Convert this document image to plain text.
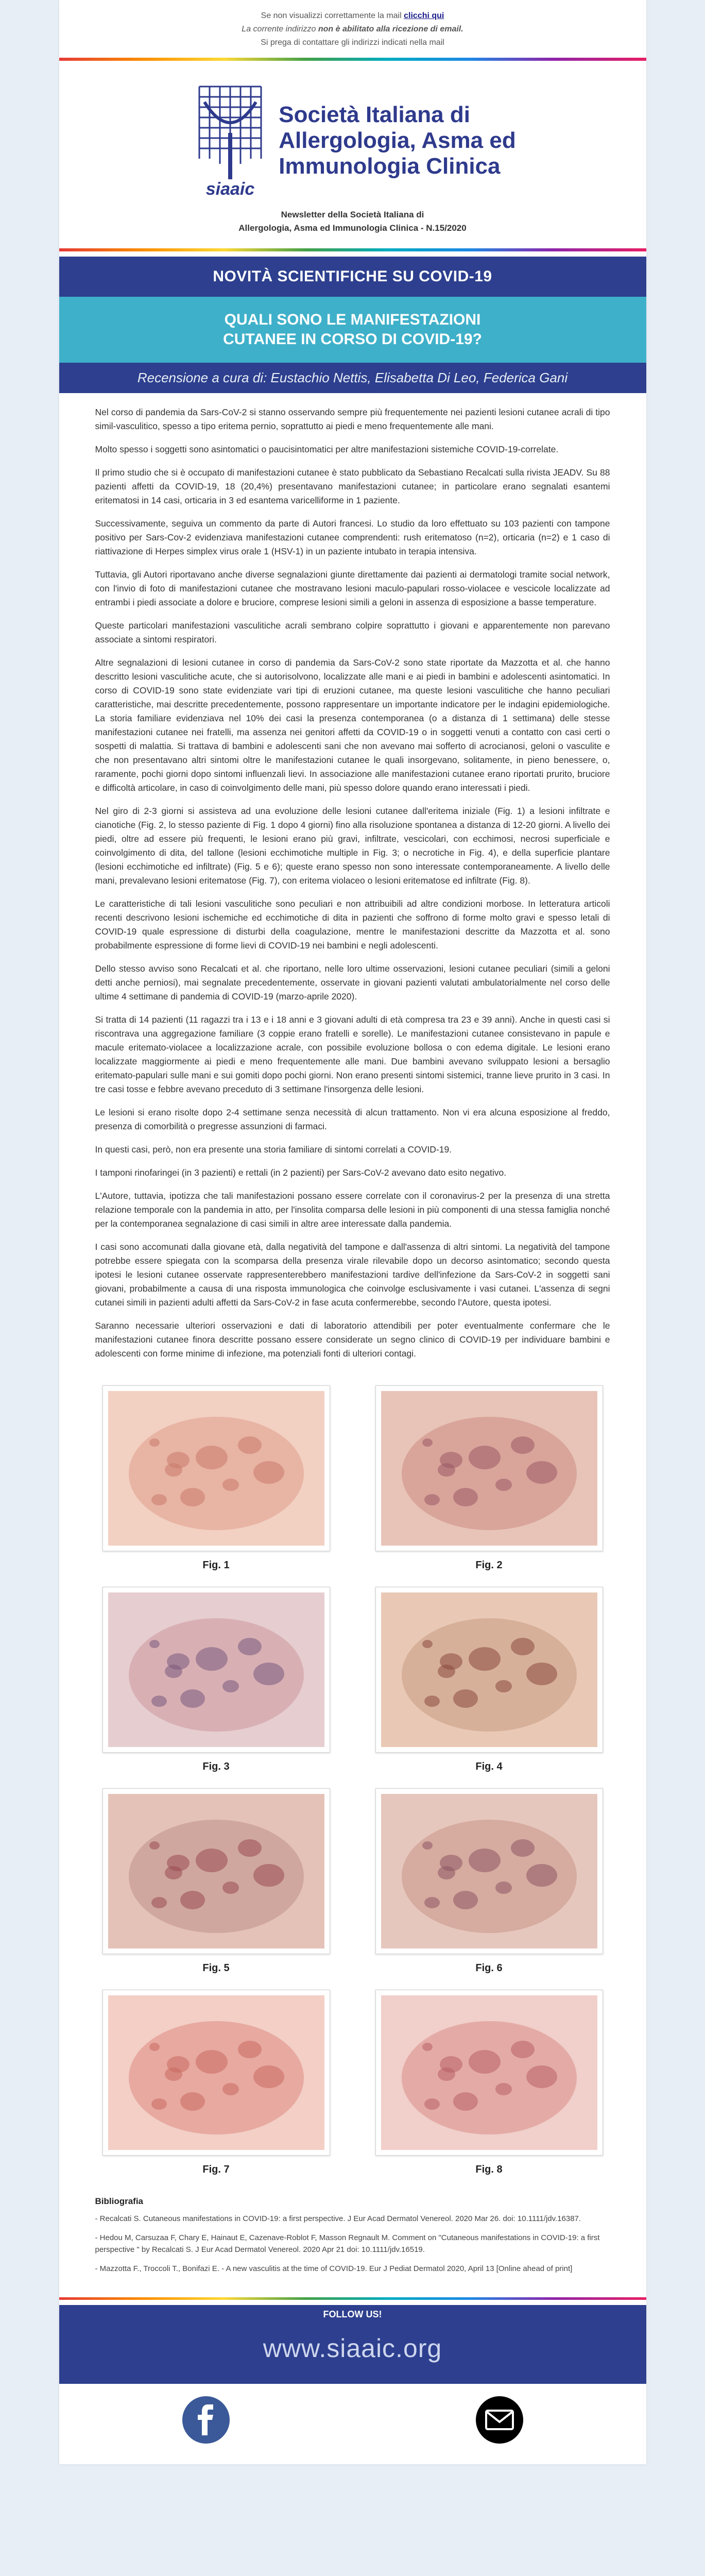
Se non visualizzi correttamente la mail clicchi qui
La corrente indirizzo non è abilitato alla ricezione di email.
Si prega di contattare gli indirizzi indicati nella mail
siaaic
Società Italiana di
Allergologia, Asma ed
Immunologia Clinica
Newsletter della Società Italiana di
Allergologia, Asma ed Immunologia Clinica - N.15/2020
NOVITÀ SCIENTIFICHE SU COVID-19
QUALI SONO LE MANIFESTAZIONI
CUTANEE IN CORSO DI COVID-19?
Recensione a cura di: Eustachio Nettis, Elisabetta Di Leo, Federica Gani

Nel corso di pandemia da Sars-CoV-2 si stanno osservando sempre più frequentemente nei pazienti lesioni cutanee acrali di tipo simil-vasculitico, spesso a tipo eritema pernio, soprattutto ai piedi e meno frequentemente alle mani.

Molto spesso i soggetti sono asintomatici o paucisintomatici per altre manifestazioni sistemiche COVID-19-correlate.

Il primo studio che si è occupato di manifestazioni cutanee è stato pubblicato da Sebastiano Recalcati sulla rivista JEADV. Su 88 pazienti affetti da COVID-19, 18 (20,4%) presentavano manifestazioni cutanee; in particolare erano segnalati esantemi eritematosi in 14 casi, orticaria in 3 ed esantema varicelliforme in 1 paziente.

Successivamente, seguiva un commento da parte di Autori francesi. Lo studio da loro effettuato su 103 pazienti con tampone positivo per Sars-Cov-2 evidenziava manifestazioni cutanee comprendenti: rush eritematoso (n=2), orticaria (n=2) e 1 caso di riattivazione di Herpes simplex virus orale 1 (HSV-1) in un paziente intubato in terapia intensiva.

Tuttavia, gli Autori riportavano anche diverse segnalazioni giunte direttamente dai pazienti ai dermatologi tramite social network, con l'invio di foto di manifestazioni cutanee che mostravano lesioni maculo-papulari rosso-violacee e vescicole localizzate ad entrambi i piedi associate a dolore e bruciore, comprese lesioni simili a geloni in assenza di esposizione a basse temperature.

Queste particolari manifestazioni vasculitiche acrali sembrano colpire soprattutto i giovani e apparentemente non parevano associate a sintomi respiratori.

Altre segnalazioni di lesioni cutanee in corso di pandemia da Sars-CoV-2 sono state riportate da Mazzotta et al. che hanno descritto lesioni vasculitiche acute, che si autorisolvono, localizzate alle mani e ai piedi in bambini e adolescenti asintomatici. In corso di COVID-19 sono state evidenziate vari tipi di eruzioni cutanee, ma queste lesioni vasculitiche che hanno peculiari caratteristiche, mai descritte precedentemente, possono rappresentare un importante indicatore per le indagini epidemiologiche. La storia familiare evidenziava nel 10% dei casi la presenza contemporanea (o a distanza di 1 settimana) delle stesse manifestazioni cutanee nei fratelli, ma assenza nei genitori affetti da COVID-19 o in soggetti venuti a contatto con casi certi o sospetti di malattia. Si trattava di bambini e adolescenti sani che non avevano mai sofferto di acrocianosi, geloni o vasculite e che non presentavano altri sintomi oltre le manifestazioni cutanee le quali insorgevano, solitamente, in pieno benessere, o, raramente, pochi giorni dopo sintomi influenzali lievi. In associazione alle manifestazioni cutanee erano riportati prurito, bruciore e difficoltà articolare, in caso di coinvolgimento delle mani, più spesso dolore quando erano interessati i piedi.

Nel giro di 2-3 giorni si assisteva ad una evoluzione delle lesioni cutanee dall'eritema iniziale (Fig. 1) a lesioni infiltrate e cianotiche (Fig. 2, lo stesso paziente di Fig. 1 dopo 4 giorni) fino alla risoluzione spontanea a distanza di 12-20 giorni. A livello dei piedi, oltre ad essere più frequenti, le lesioni erano più gravi, infiltrate, vescicolari, con ecchimosi, necrosi superficiale e coinvolgimento di dita, del tallone (lesioni ecchimotiche multiple in Fig. 3; o necrotiche in Fig. 4), e della superficie plantare (lesioni ecchimotiche ed infiltrate) (Fig. 5 e 6); queste erano spesso non sono interessate contemporaneamente. A livello delle mani, prevalevano lesioni eritematose (Fig. 7), con eritema violaceo o lesioni eritematose ed infiltrate (Fig. 8).

Le caratteristiche di tali lesioni vasculitiche sono peculiari e non attribuibili ad altre condizioni morbose. In letteratura articoli recenti descrivono lesioni ischemiche ed ecchimotiche di dita in pazienti che soffrono di forme molto gravi e spesso letali di COVID-19 quale espressione di disturbi della coagulazione, mentre le manifestazioni descritte da Mazzotta et al. sono probabilmente espressione di forme lievi di COVID-19 nei bambini e negli adolescenti.

Dello stesso avviso sono Recalcati et al. che riportano, nelle loro ultime osservazioni, lesioni cutanee peculiari (simili a geloni detti anche perniosi), mai segnalate precedentemente, osservate in giovani pazienti valutati ambulatorialmente nel corso delle ultime 4 settimane di pandemia di COVID-19 (marzo-aprile 2020).

Si tratta di 14 pazienti (11 ragazzi tra i 13 e i 18 anni e 3 giovani adulti di età compresa tra 23 e 39 anni). Anche in questi casi si riscontrava una aggregazione familiare (3 coppie erano fratelli e sorelle). Le manifestazioni cutanee consistevano in papule e macule eritemato-violacee a localizzazione acrale, con possibile evoluzione bollosa o con edema digitale. Le lesioni erano localizzate maggiormente ai piedi e meno frequentemente alle mani. Due bambini avevano sviluppato lesioni a bersaglio eritemato-papulari sulle mani e sui gomiti dopo pochi giorni. Non erano presenti sintomi sistemici, tranne lieve prurito in 3 casi. In tre casi tosse e febbre avevano preceduto di 3 settimane l'insorgenza delle lesioni.

Le lesioni si erano risolte dopo 2-4 settimane senza necessità di alcun trattamento. Non vi era alcuna esposizione al freddo, presenza di comorbilità o pregresse assunzioni di farmaci.

In questi casi, però, non era presente una storia familiare di sintomi correlati a COVID-19.

I tamponi rinofaringei (in 3 pazienti) e rettali (in 2 pazienti) per Sars-CoV-2 avevano dato esito negativo.

L'Autore, tuttavia, ipotizza che tali manifestazioni possano essere correlate con il coronavirus-2 per la presenza di una stretta relazione temporale con la pandemia in atto, per l'insolita comparsa delle lesioni in più componenti di una stessa famiglia nonché per la contemporanea segnalazione di casi simili in altre aree interessate dalla pandemia.

I casi sono accomunati dalla giovane età, dalla negatività del tampone e dall'assenza di altri sintomi. La negatività del tampone potrebbe essere spiegata con la scomparsa della presenza virale rilevabile dopo un decorso asintomatico; secondo questa ipotesi le lesioni cutanee osservate rappresenterebbero manifestazioni tardive dell'infezione da Sars-CoV-2 in soggetti sani giovani, probabilmente a causa di una risposta immunologica che coinvolge esclusivamente i vasi cutanei. L'assenza di segni cutanei simili in pazienti adulti affetti da Sars-CoV-2 in fase acuta confermerebbe, secondo l'Autore, questa ipotesi.

Saranno necessarie ulteriori osservazioni e dati di laboratorio attendibili per poter eventualmente confermare che le manifestazioni cutanee finora descritte possano essere considerate un segno clinico di COVID-19 per individuare bambini e adolescenti con forme minime di infezione, ma potenziali fonti di ulteriori contagi.

Fig. 1	Fig. 2
Fig. 3	Fig. 4
Fig. 5	Fig. 6
Fig. 7	Fig. 8
Bibliografia

- Recalcati S. Cutaneous manifestations in COVID-19: a first perspective. J Eur Acad Dermatol Venereol. 2020 Mar 26. doi: 10.1111/jdv.16387.

- Hedou M, Carsuzaa F, Chary E, Hainaut E, Cazenave-Roblot F, Masson Regnault M. Comment on "Cutaneous manifestations in COVID-19: a first perspective " by Recalcati S. J Eur Acad Dermatol Venereol. 2020 Apr 21 doi: 10.1111/jdv.16519.

- Mazzotta F., Troccoli T., Bonifazi E. - A new vasculitis at the time of COVID-19. Eur J Pediat Dermatol 2020, April 13 [Online ahead of print]

FOLLOW US!
www.siaaic.org
